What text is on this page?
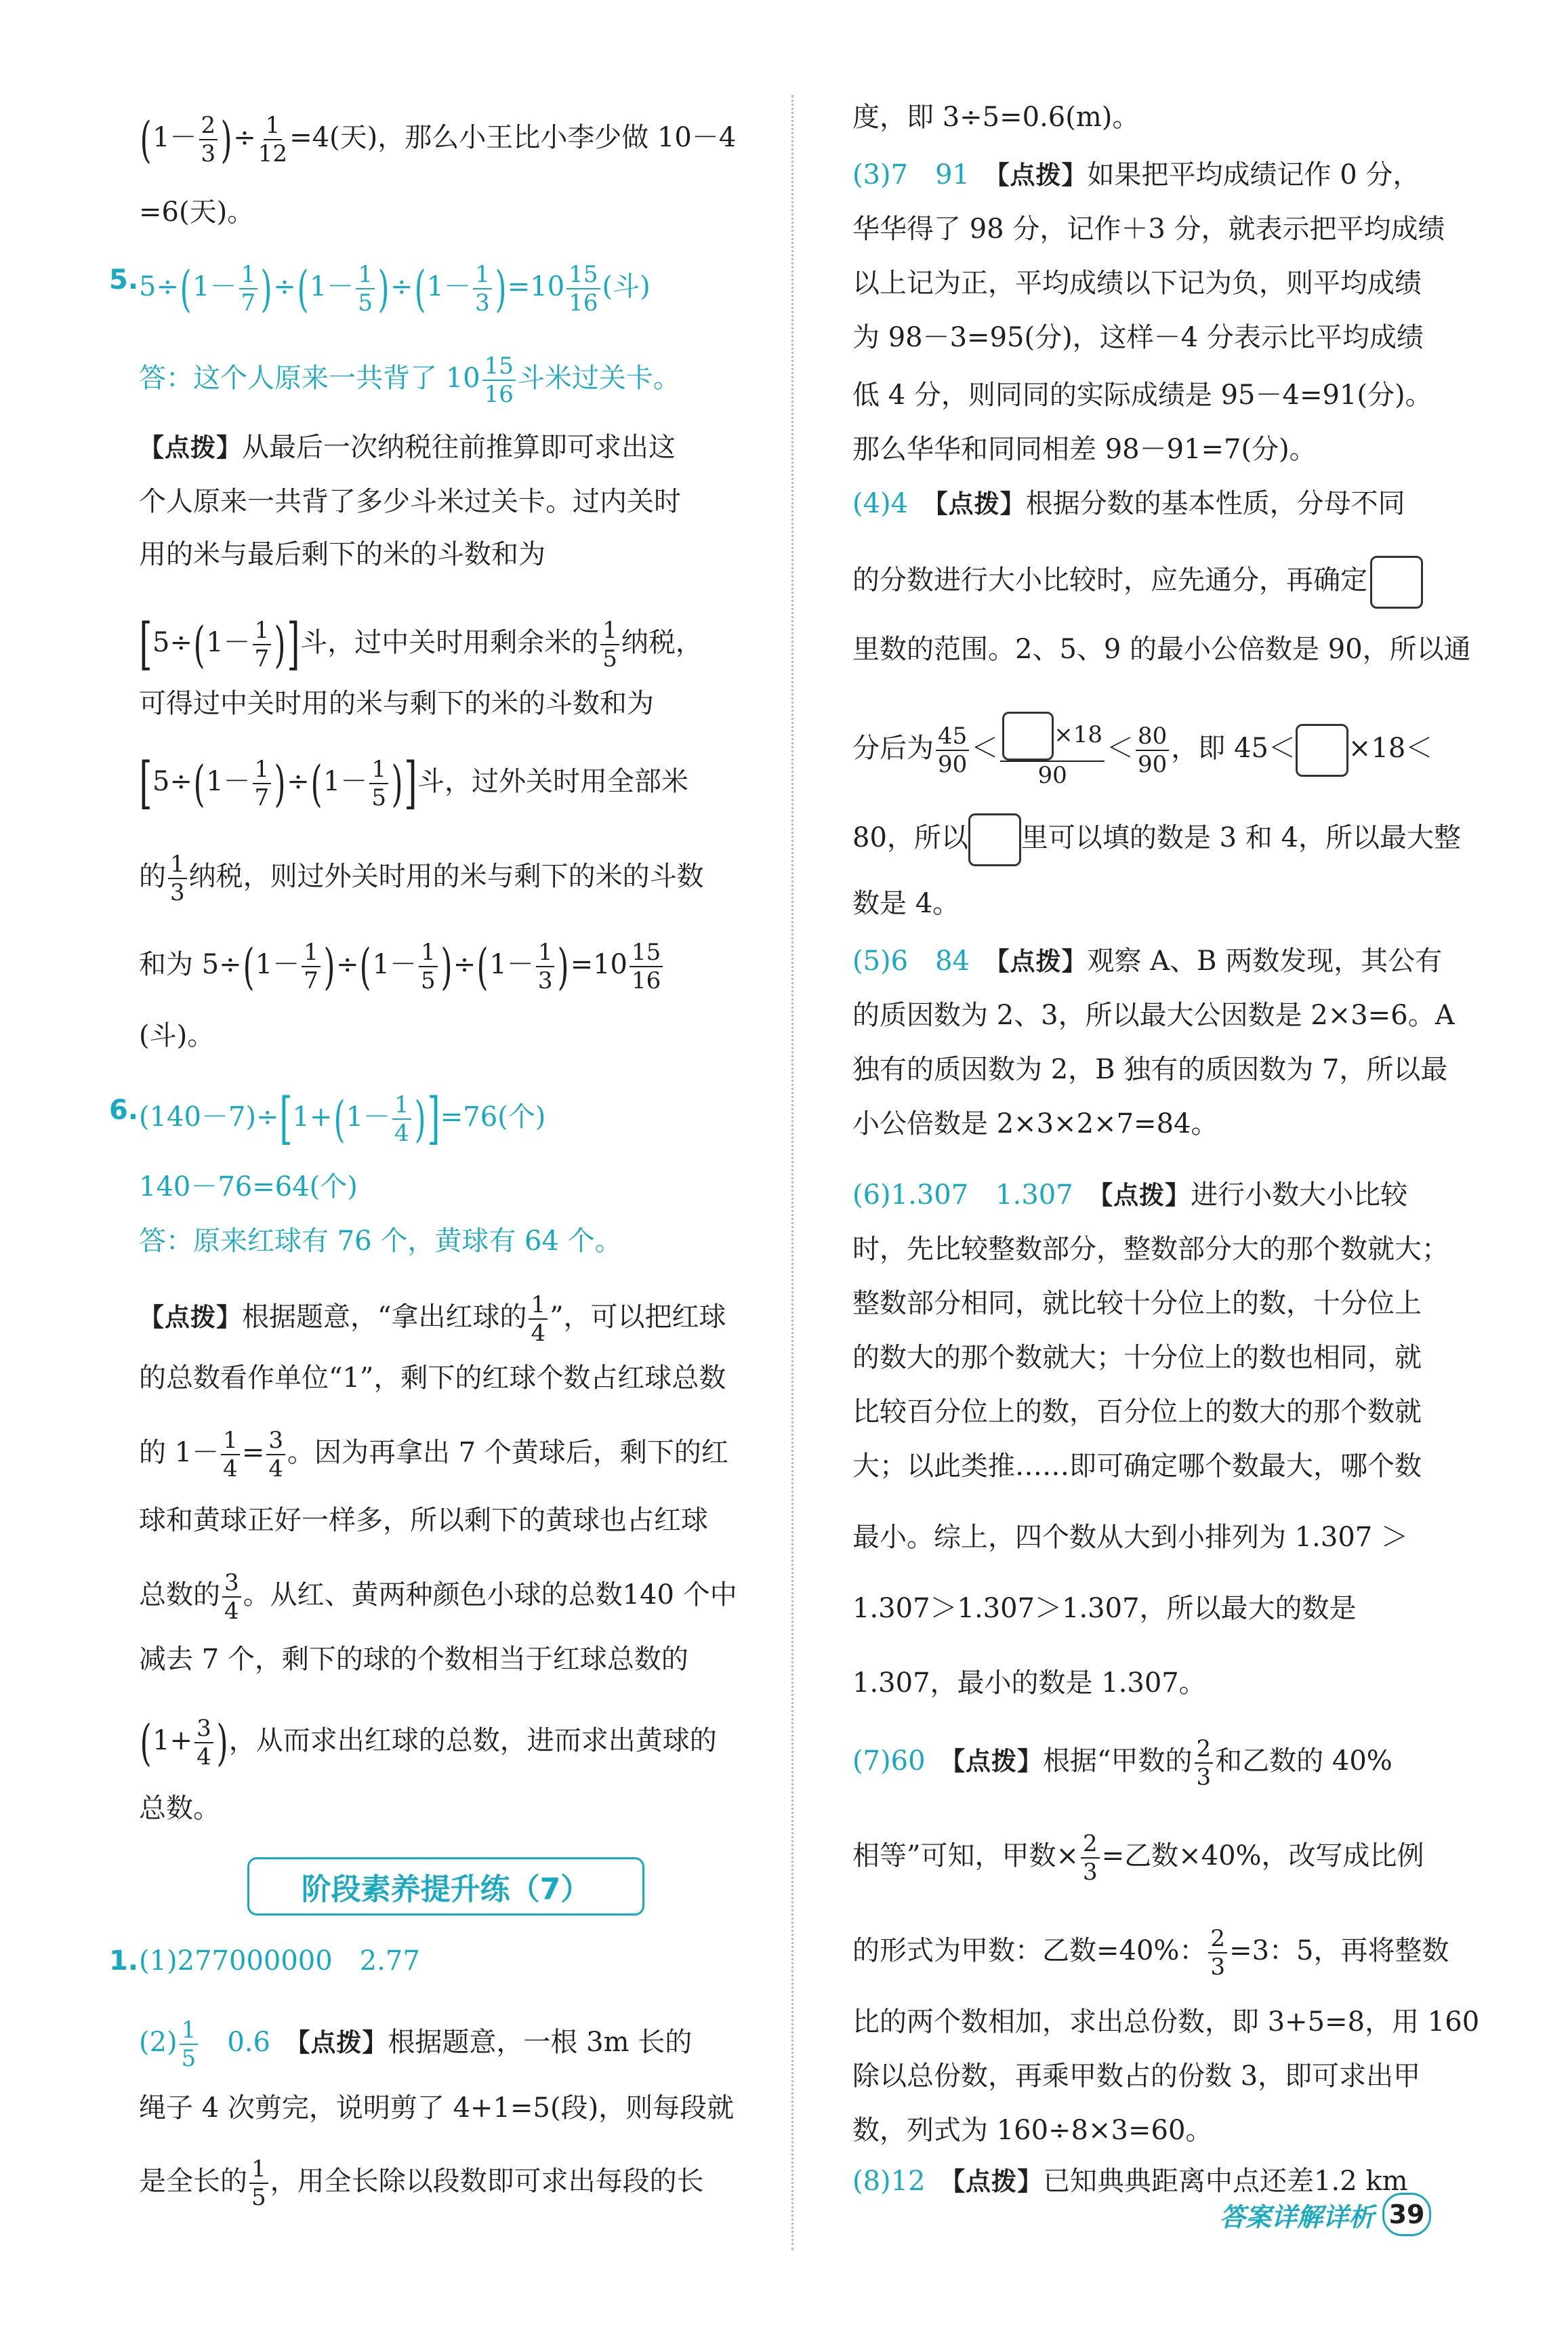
($1- \frac{2}{3}$ )÷ $\frac{1}{12} =4$(天)，那么小王比小李少做 10－4
=6(天)。
5. $5\div(1- \frac{1}{7} )\div(1- \frac{1}{5} )\div(1- \frac{1}{3} )=10 \frac{15}{16}$ (斗)
答：这个人原来一共背了 $10 \frac{15}{16}$ 斗米过关卡。
【点拨】从最后一次纳税往前推算即可求出这
个人原来一共背了多少斗米过关卡。过内关时
用的米与最后剩下的米的斗数和为
[$5\div(1- \frac{1}{7}$ )]斗，过中关时用剩余米的 $\frac{1}{5}$ 纳税，
可得过中关时用的米与剩下的米的斗数和为
[$5\div(1- \frac{1}{7} )\div(1- \frac{1}{5}$ )]斗，过外关时用全部米
的 $\frac{1}{3}$ 纳税，则过外关时用的米与剩下的米的斗数
和为 $5\div(1- \frac{1}{7} )\div(1- \frac{1}{5} )\div(1- \frac{1}{3} )=10 \frac{15}{16}$
(斗)。
6. $(140-7)\div[1+(1- \frac{1}{4} )]=76$(个)
140－76=64(个)
答：原来红球有 76 个，黄球有 64 个。
【点拨】根据题意，“拿出红球的 $\frac{1}{4}$ ”，可以把红球
的总数看作单位“1”，剩下的红球个数占红球总数
的 $1- \frac{1}{4} = \frac{3}{4}$ 。因为再拿出 7 个黄球后，剩下的红
球和黄球正好一样多，所以剩下的黄球也占红球
总数的 $\frac{3}{4}$ 。从红、黄两种颜色小球的总数140 个中
减去 7 个，剩下的球的个数相当于红球总数的
($1+ \frac{3}{4}$ )，从而求出红球的总数，进而求出黄球的
总数。
阶段素养提升练（7）
1. (1)277000000　2.77
$(2) \frac{1}{5}$
　 0.6　 【点拨】根据题意，一根 3m 长的
绳子 4 次剪完，说明剪了 4+1=5(段)，则每段就
是全长的 $\frac{1}{5}$ ，用全长除以段数即可求出每段的长
度，即 3÷5=0.6(m)。
(3)7　91　 【点拨】如果把平均成绩记作 0 分，
华华得了 98 分，记作＋3 分，就表示把平均成绩
以上记为正，平均成绩以下记为负，则平均成绩
为 98－3=95(分)，这样－4 分表示比平均成绩
低 4 分，则同同的实际成绩是 95－4=91(分)。
那么华华和同同相差 98－91=7(分)。
(4)4　 【点拨】根据分数的基本性质，分母不同
的分数进行大小比较时，应先通分，再确定
里数的范围。2、5、9 的最小公倍数是 90，所以通
分后为 $\frac{45}{90} < \frac{\times 18}{90} < \frac{80}{90}$ ，即 45＜ ×18＜
80，所以 里可以填的数是 3 和 4，所以最大整
数是 4。
(5)6　84　 【点拨】观察 A、B 两数发现，其公有
的质因数为 2、3，所以最大公因数是 2×3=6。A
独有的质因数为 2，B 独有的质因数为 7，所以最
小公倍数是 2×3×2×7=84。
(6)1.307　1.307　 【点拨】进行小数大小比较
时，先比较整数部分，整数部分大的那个数就大；
整数部分相同，就比较十分位上的数，十分位上
的数大的那个数就大；十分位上的数也相同，就
比较百分位上的数，百分位上的数大的那个数就
大；以此类推……即可确定哪个数最大，哪个数
最小。综上，四个数从大到小排列为 1.307 ＞
1.307＞1.307＞1.307，所以最大的数是
1.307，最小的数是 1.307。
(7)60　 【点拨】根据“甲数的 $\frac{2}{3}$ 和乙数的 40%
相等”可知，甲数× $\frac{2}{3}$ =乙数×40%，改写成比例
的形式为甲数：乙数=40%： $\frac{2}{3} =3$：5，再将整数
比的两个数相加，求出总份数，即 3+5=8，用 160
除以总份数，再乘甲数占的份数 3，即可求出甲
数，列式为 160÷8×3=60。
(8)12　 【点拨】已知典典距离中点还差1.2 km
答案详解详析 39
